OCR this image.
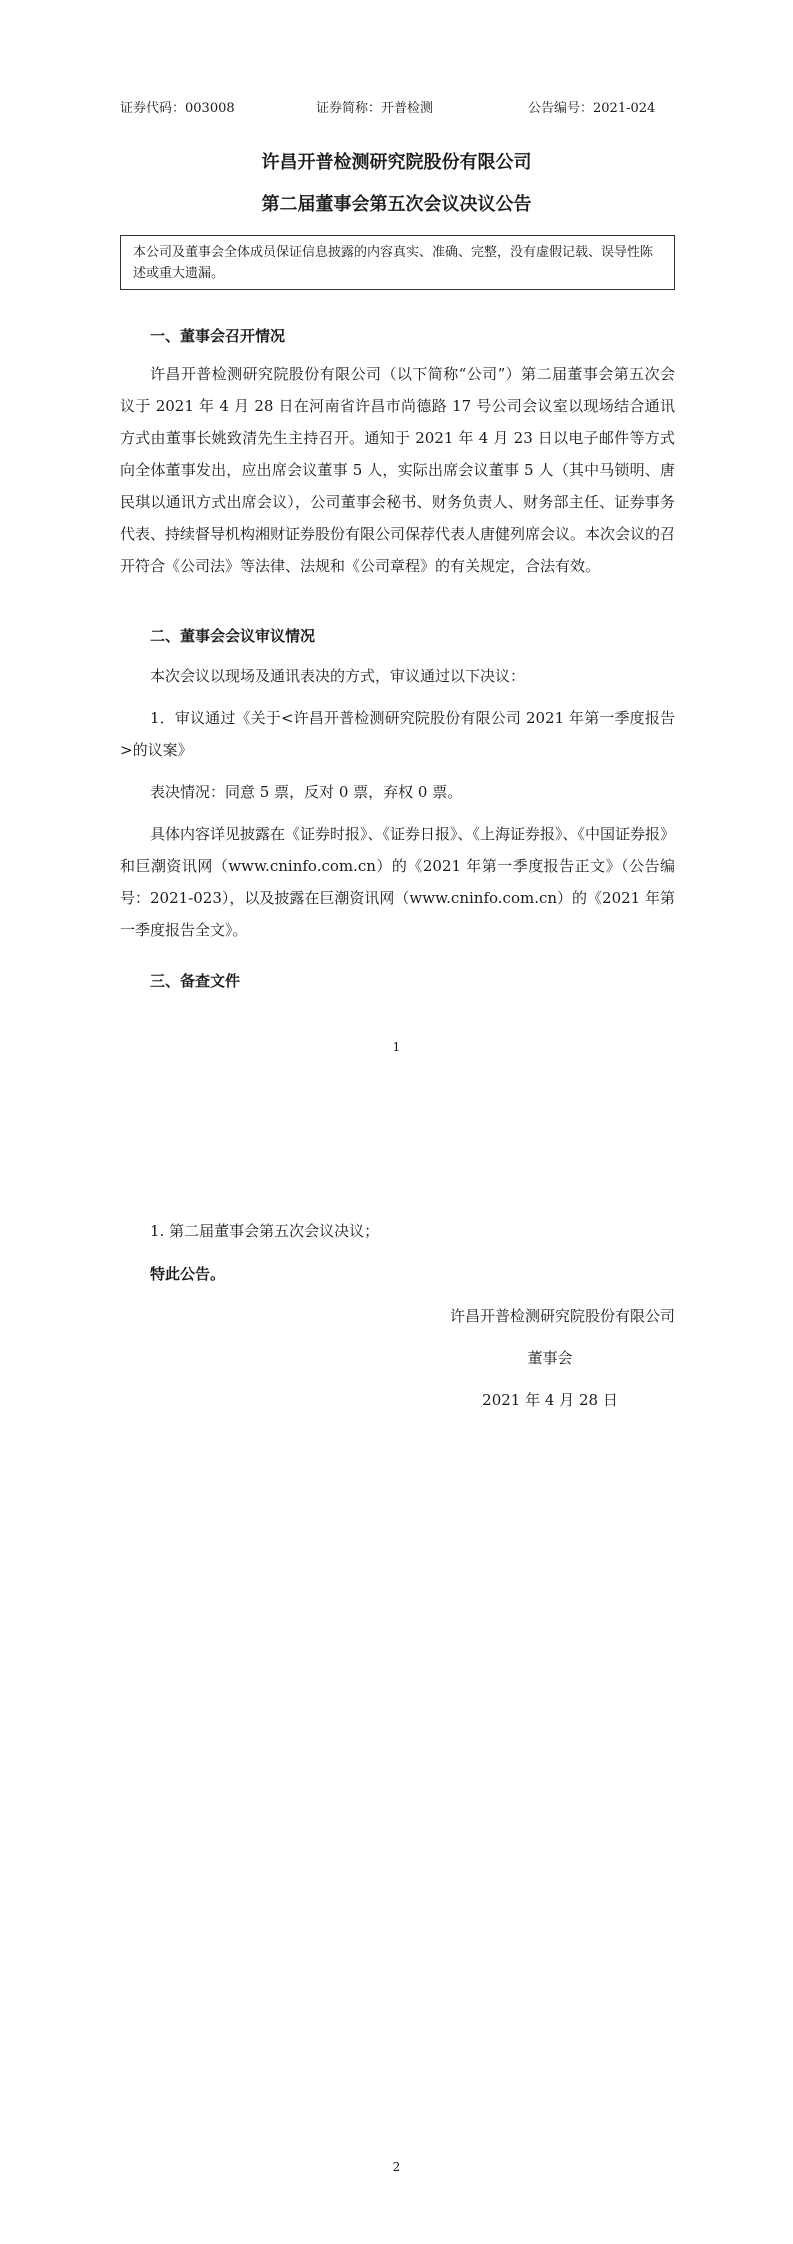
证券代码：003008	证券简称：开普检测	公告编号：2021-024
许昌开普检测研究院股份有限公司
第二届董事会第五次会议决议公告
本公司及董事会全体成员保证信息披露的内容真实、准确、完整，没有虚假记载、误导性陈述或重大遗漏。
一、董事会召开情况

许昌开普检测研究院股份有限公司（以下简称“公司”）第二届董事会第五次会议于 2021 年 4 月 28 日在河南省许昌市尚德路 17 号公司会议室以现场结合通讯方式由董事长姚致清先生主持召开。通知于 2021 年 4 月 23 日以电子邮件等方式向全体董事发出，应出席会议董事 5 人，实际出席会议董事 5 人（其中马锁明、唐民琪以通讯方式出席会议），公司董事会秘书、财务负责人、财务部主任、证券事务代表、持续督导机构湘财证券股份有限公司保荐代表人唐健列席会议。本次会议的召开符合《公司法》等法律、法规和《公司章程》的有关规定，合法有效。

二、董事会会议审议情况

本次会议以现场及通讯表决的方式，审议通过以下决议：

1．审议通过《关于<许昌开普检测研究院股份有限公司 2021 年第一季度报告>的议案》

表决情况：同意 5 票，反对 0 票，弃权 0 票。

具体内容详见披露在《证券时报》、《证券日报》、《上海证券报》、《中国证券报》和巨潮资讯网（www.cninfo.com.cn）的《2021 年第一季度报告正文》（公告编号：2021-023），以及披露在巨潮资讯网（www.cninfo.com.cn）的《2021 年第一季度报告全文》。

三、备查文件
1
1. 第二届董事会第五次会议决议；
特此公告。
许昌开普检测研究院股份有限公司
董事会
2021 年 4 月 28 日
2
